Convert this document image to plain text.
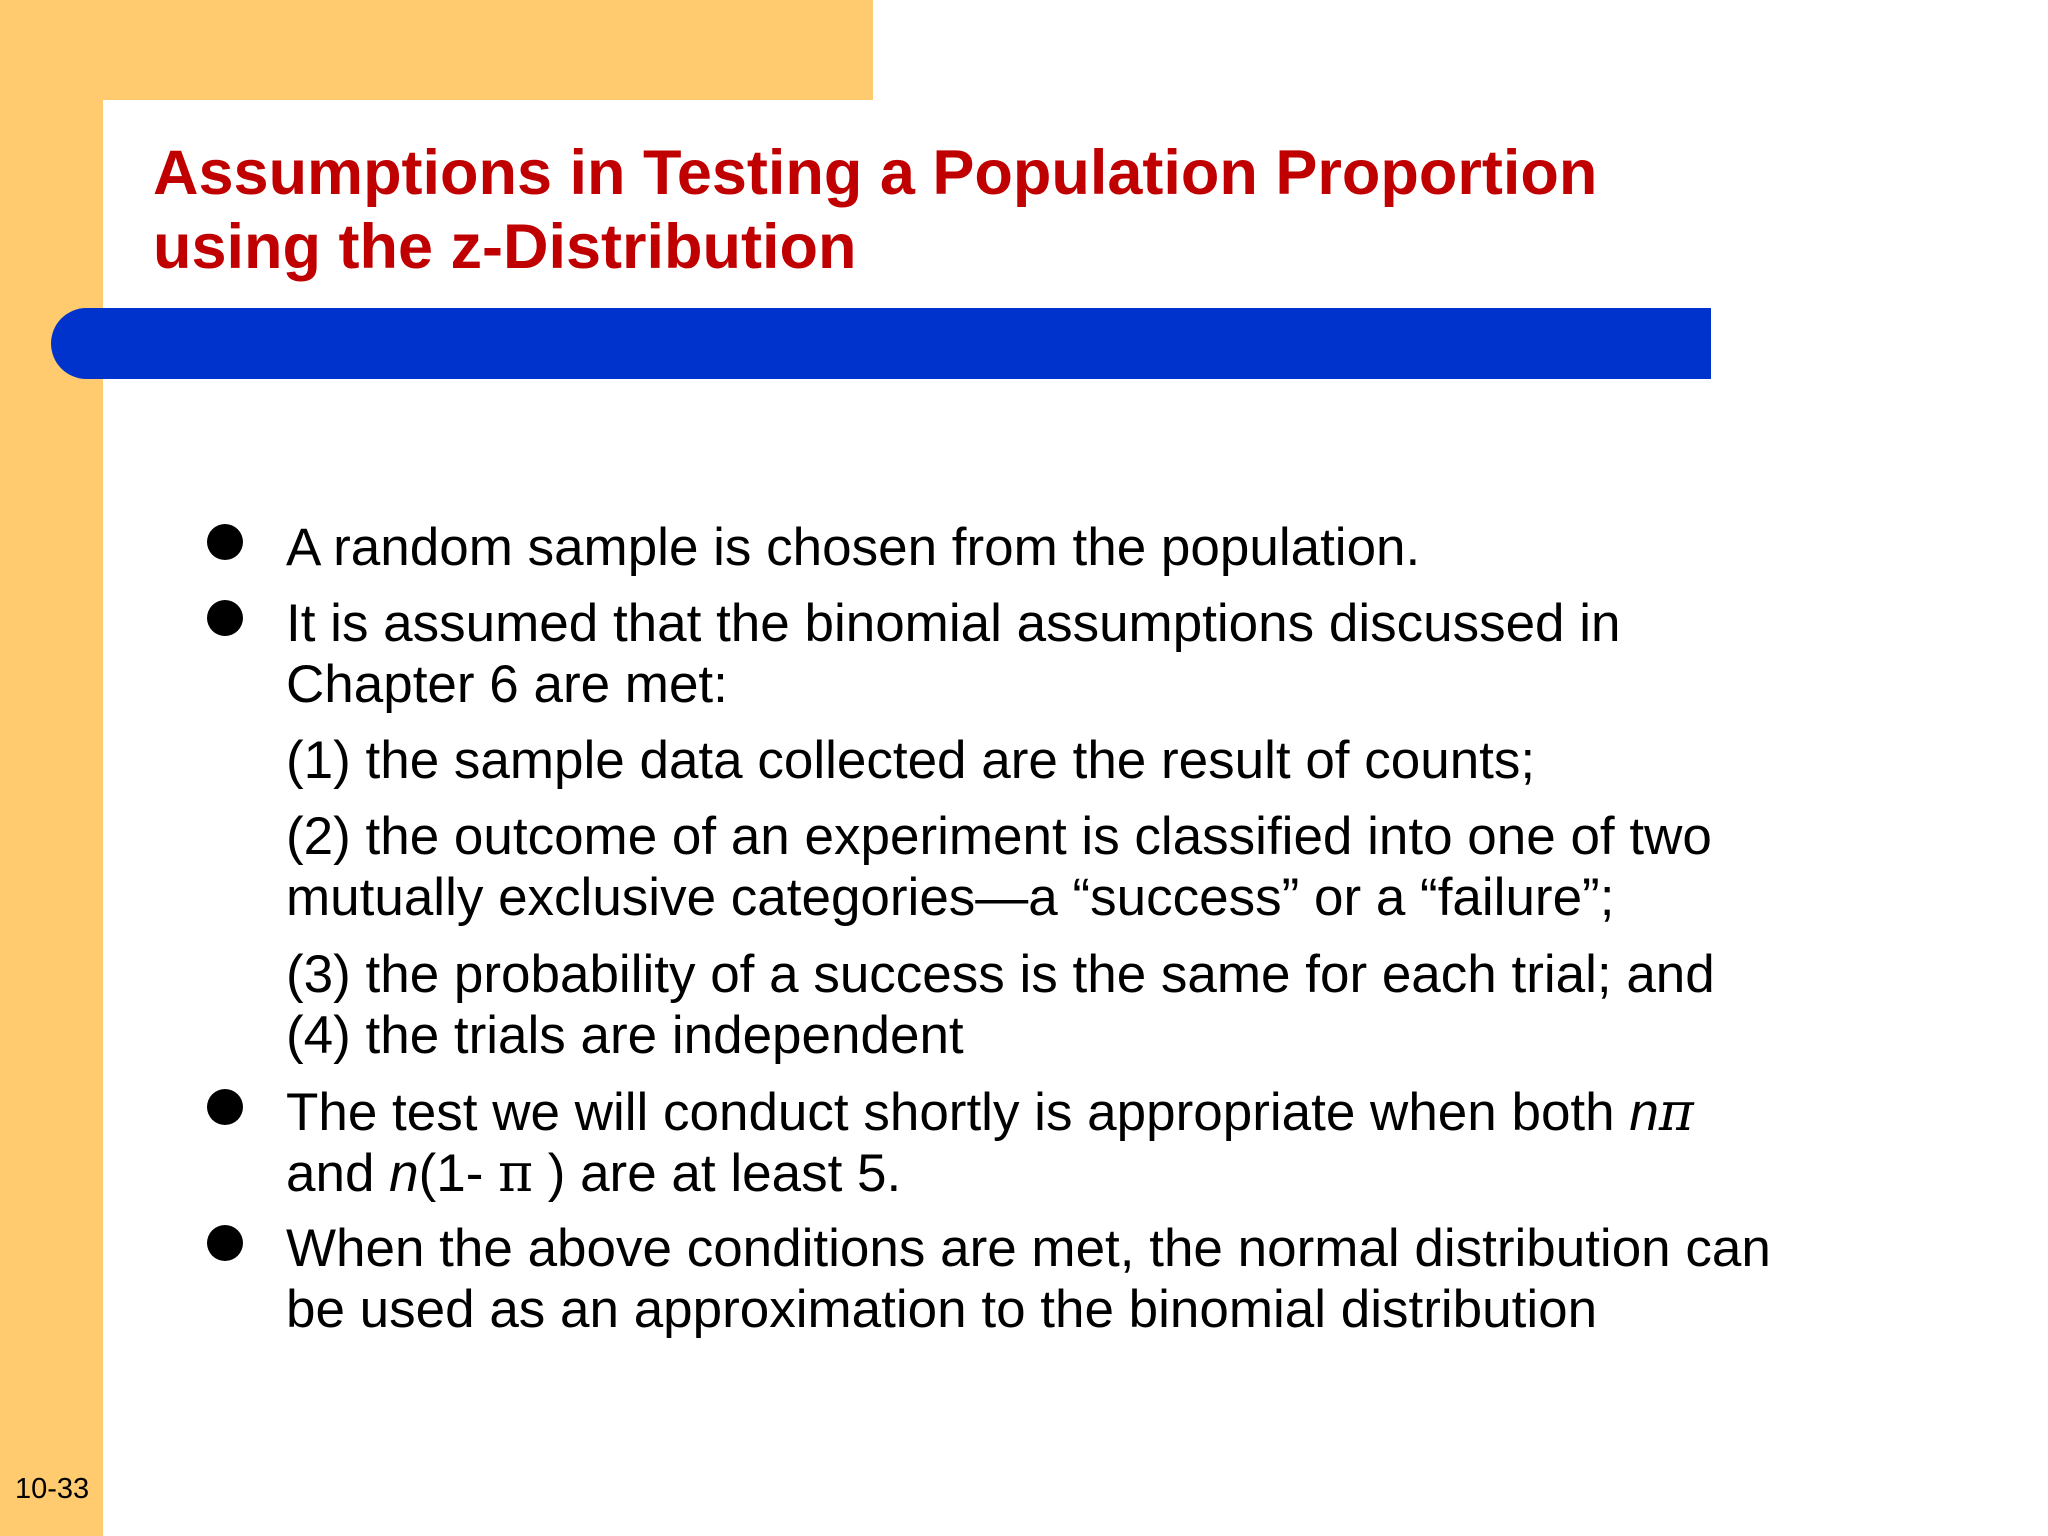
Assumptions in Testing a Population Proportion
using the z-Distribution
A random sample is chosen from the population.
It is assumed that the binomial assumptions discussed in
Chapter 6 are met:
(1) the sample data collected are the result of counts;
(2) the outcome of an experiment is classified into one of two
mutually exclusive categories—a “success” or a “failure”;
(3) the probability of a success is the same for each trial; and
(4) the trials are independent
The test we will conduct shortly is appropriate when both nπ
and n(1- π ) are at least 5.
When the above conditions are met, the normal distribution can
be used as an approximation to the binomial distribution
10-33
